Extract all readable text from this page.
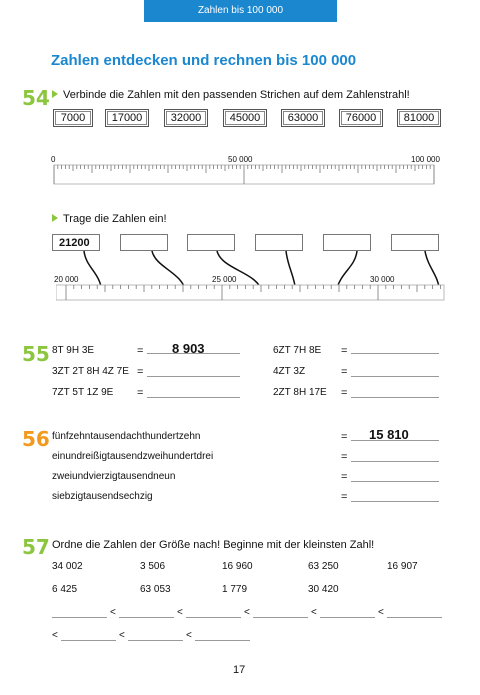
Zahlen bis 100 000
Zahlen entdecken und rechnen bis 100 000
54	Verbinde die Zahlen mit den passenden Strichen auf dem Zahlenstrahl!
7000	17000	32000	45000	63000	76000	81000
0	50 000	100 000
Trage die Zahlen ein!
21200
20 000	25 000	30 000
55 8T 9H 3E	= 8 903
3ZT 2T 8H 4Z 7E =
7ZT 5T 1Z 9E =
6ZT 7H 8E =
4ZT 3Z	=
2ZT 8H 17E =
56 fünfzehntausendachthundertzehn	= 15 810
einundreißigtausendzweihundertdrei	=
zweiundvierzigtausendneun	=
siebzigtausendsechzig	=
57 Ordne die Zahlen der Größe nach! Beginne mit der kleinsten Zahl!
34 002	3 506	16 960	63 250	16 907
6 425	63 053	1 779	30 420
<	<	<	<	<
<	<	<
17
